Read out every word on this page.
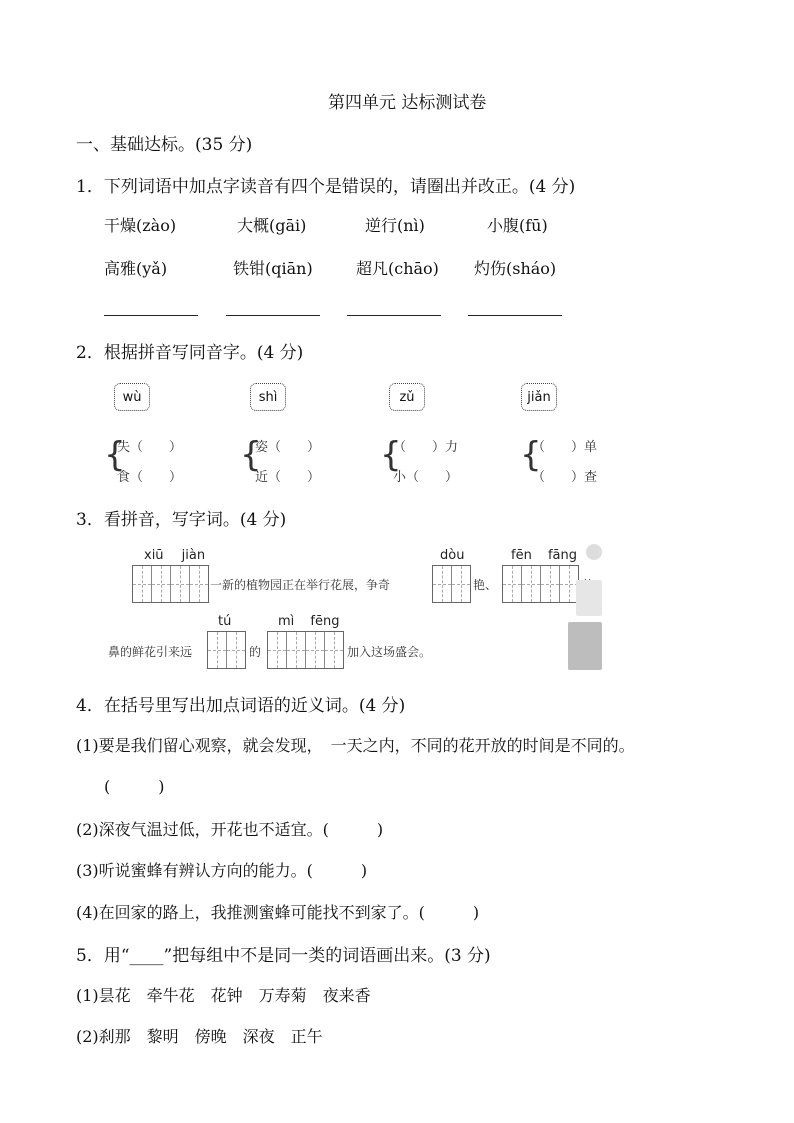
第四单元 达标测试卷
一、基础达标。(35 分)
1．下列词语中加点字读音有四个是错误的，请圈出并改正。(4 分)
干燥(zào)	大概(gāi)	逆行(nì)	小腹(fū)
高雅(yǎ)	铁钳(qiān)	超凡(chāo) 灼伤(sháo)
2．根据拼音写同音字。(4 分)
wù	shì	zǔ	jiǎn
{
失（　　）
食（　　）
{
姿（　　）
近（　　）
{
（　　）力
小（　　）
{
（　　）单
（　　）查
3．看拼音，写字词。(4 分)
xiū jiàn	dòu	fēn fāng
一新的植物园正在举行花展，争奇	艳、
tú	mì fēng
鼻的鲜花引来远	的	加入这场盛会。
4．在括号里写出加点词语的近义词。(4 分)
(1)要是我们留心观察，就会发现，　一天之内，不同的花开放的时间是不同的。
(　　　)
(2)深夜气温过低，开花也不适宜。(　　　)
(3)听说蜜蜂有辨认方向的能力。(　　　)
(4)在回家的路上，我推测蜜蜂可能找不到家了。(　　　)
5．用“____”把每组中不是同一类的词语画出来。(3 分)
(1)昙花　牵牛花　花钟　万寿菊　夜来香
(2)刹那　黎明　傍晚　深夜　正午
